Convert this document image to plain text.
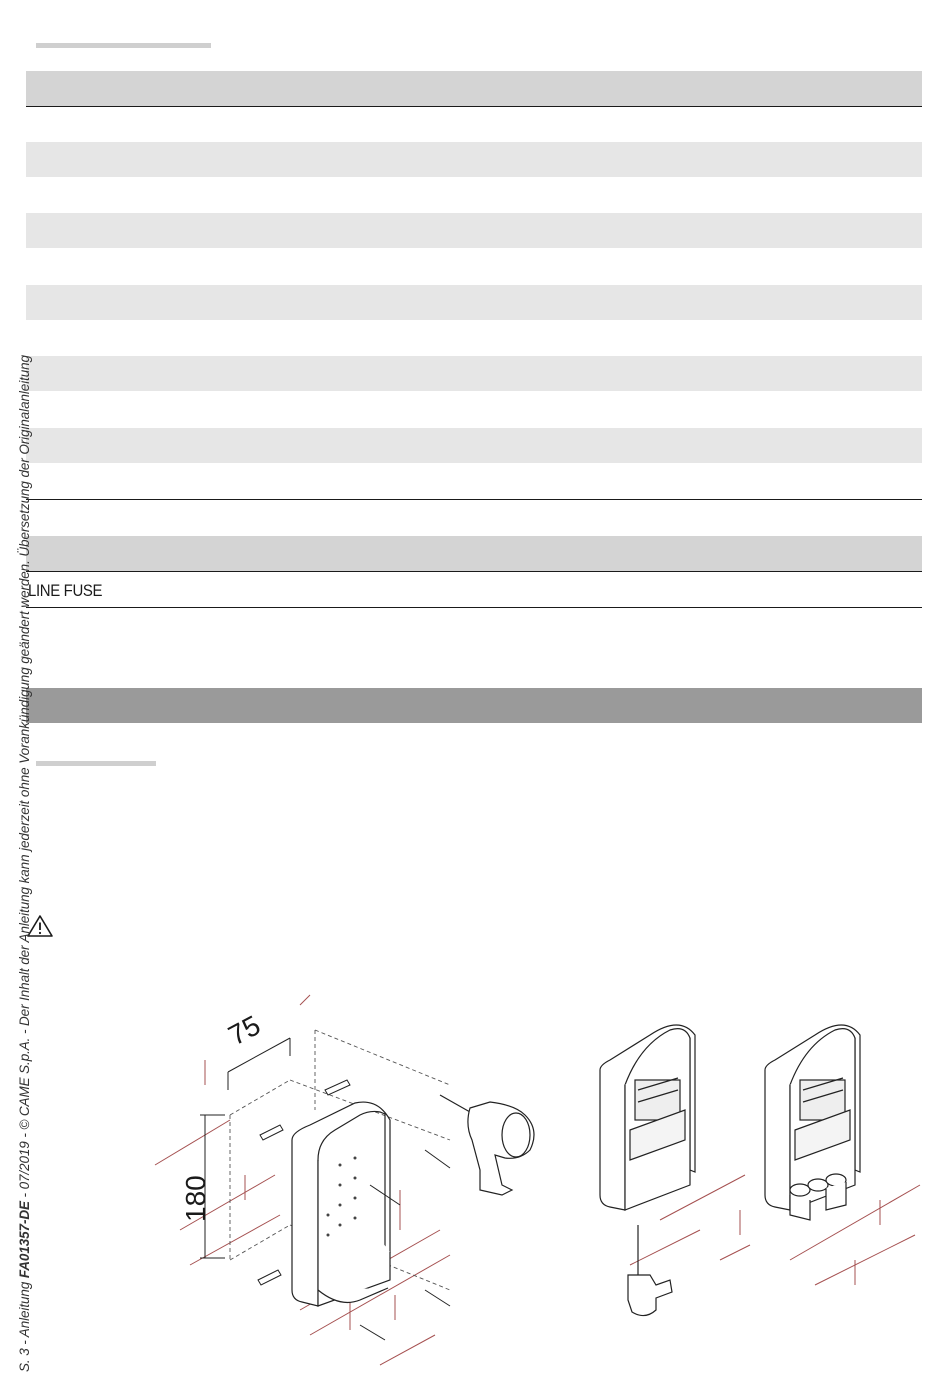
LINE FUSE
S. 3 - Anleitung FA01357-DE - 07/2019 - © CAME S.p.A. - Der Inhalt der Anleitung kann jederzeit ohne Vorankündigung geändert werden. Übersetzung der Originalanleitung	75
180
